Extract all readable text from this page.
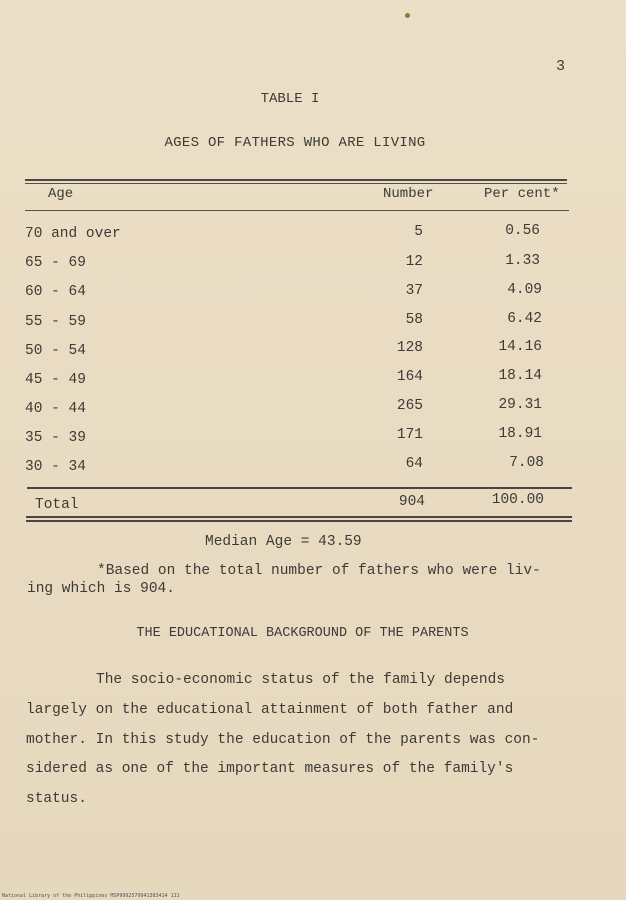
3
TABLE I
AGES OF FATHERS WHO ARE LIVING
Age	Number	Per cent*
70 and over	5	0.56
65 - 69	12	1.33
60 - 64	37	4.09
55 - 59	58	6.42
50 - 54	128	14.16
45 - 49	164	18.14
40 - 44	265	29.31
35 - 39	171	18.91
30 - 34	64	7.08
Total	904	100.00
Median Age = 43.59
*Based on the total number of fathers who were liv-
ing which is 904.
THE EDUCATIONAL BACKGROUND OF THE PARENTS
The socio-economic status of the family depends
largely on the educational attainment of both father and
mother. In this study the education of the parents was con-
sidered as one of the important measures of the family's
status.
National Library of the Philippines MSP9992579941383414 111
